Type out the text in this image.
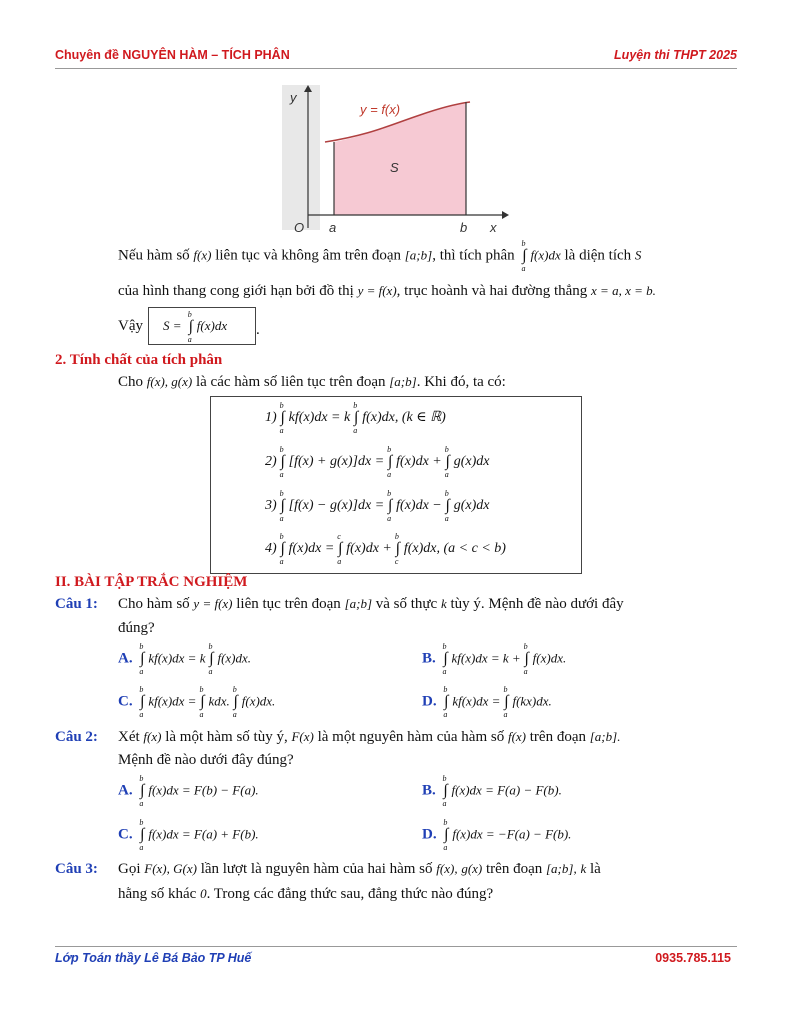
Chuyên đề NGUYÊN HÀM – TÍCH PHÂN	Luyện thi THPT 2025
y
y = f(x)
S
O a	b x
Nếu hàm số f(x) liên tục và không âm trên đoạn [a;b], thì tích phân ∫
b
a
f(x)dx là diện tích S
của hình thang cong giới hạn bởi đồ thị y = f(x), trục hoành và hai đường thẳng x = a, x = b.
Vậy S = ∫
b
a
f(x)dx .
2. Tính chất của tích phân
Cho f(x), g(x) là các hàm số liên tục trên đoạn [a;b]. Khi đó, ta có:
1) ∫
b
a
kf(x)dx = k ∫
b
a
f(x)dx, (k ∈ ℝ)
2) ∫
b
a
[f(x) + g(x)]dx = ∫
b
a
f(x)dx + ∫
b
a
g(x)dx
3) ∫
b
a
[f(x) − g(x)]dx = ∫
b
a
f(x)dx − ∫
b
a
g(x)dx
4) ∫
b
a
f(x)dx = ∫
c
a
f(x)dx + ∫
b
c
f(x)dx, (a < c < b)
II. BÀI TẬP TRẮC NGHIỆM
Câu 1: Cho hàm số y = f(x) liên tục trên đoạn [a;b] và số thực k tùy ý. Mệnh đề nào dưới đây
đúng?
A. ∫
b
a
kf(x)dx = k ∫
b
a
f(x)dx.	B. ∫
b
a
kf(x)dx = k + ∫
b
a
f(x)dx.
C. ∫
b
a
kf(x)dx = ∫
b
a
kdx. ∫
b
a
f(x)dx.	D. ∫
b
a
kf(x)dx = ∫
b
a
f(kx)dx.
Câu 2: Xét f(x) là một hàm số tùy ý, F(x) là một nguyên hàm của hàm số f(x) trên đoạn [a;b].
Mệnh đề nào dưới đây đúng?
A. ∫
b
a
f(x)dx = F(b) − F(a).	B. ∫
b
a
f(x)dx = F(a) − F(b).
C. ∫
b
a
f(x)dx = F(a) + F(b).	D. ∫
b
a
f(x)dx = −F(a) − F(b).
Câu 3: Gọi F(x), G(x) lần lượt là nguyên hàm của hai hàm số f(x), g(x) trên đoạn [a;b], k là
hằng số khác 0. Trong các đẳng thức sau, đẳng thức nào đúng?
Lớp Toán thầy Lê Bá Bảo TP Huế	0935.785.115
